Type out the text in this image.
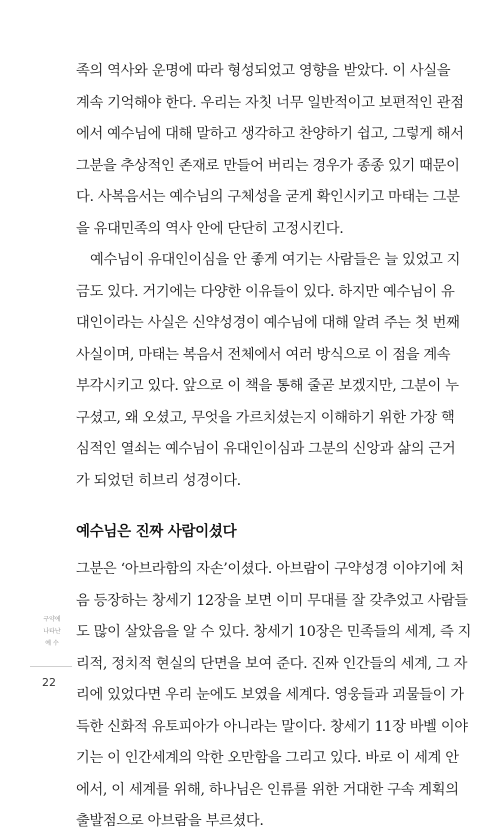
족의 역사와 운명에 따라 형성되었고 영향을 받았다. 이 사실을
계속 기억해야 한다. 우리는 자칫 너무 일반적이고 보편적인 관점
에서 예수님에 대해 말하고 생각하고 찬양하기 쉽고, 그렇게 해서
그분을 추상적인 존재로 만들어 버리는 경우가 종종 있기 때문이
다. 사복음서는 예수님의 구체성을 굳게 확인시키고 마태는 그분
을 유대민족의 역사 안에 단단히 고정시킨다.
예수님이 유대인이심을 안 좋게 여기는 사람들은 늘 있었고 지
금도 있다. 거기에는 다양한 이유들이 있다. 하지만 예수님이 유
대인이라는 사실은 신약성경이 예수님에 대해 알려 주는 첫 번째
사실이며, 마태는 복음서 전체에서 여러 방식으로 이 점을 계속
부각시키고 있다. 앞으로 이 책을 통해 줄곧 보겠지만, 그분이 누
구셨고, 왜 오셨고, 무엇을 가르치셨는지 이해하기 위한 가장 핵
심적인 열쇠는 예수님이 유대인이심과 그분의 신앙과 삶의 근거
가 되었던 히브리 성경이다.
예수님은 진짜 사람이셨다
그분은 ‘아브라함의 자손’이셨다. 아브람이 구약성경 이야기에 처
음 등장하는 창세기 12장을 보면 이미 무대를 잘 갖추었고 사람들
도 많이 살았음을 알 수 있다. 창세기 10장은 민족들의 세계, 즉 지
리적, 정치적 현실의 단면을 보여 준다. 진짜 인간들의 세계, 그 자
리에 있었다면 우리 눈에도 보였을 세계다. 영웅들과 괴물들이 가
득한 신화적 유토피아가 아니라는 말이다. 창세기 11장 바벨 이야
기는 이 인간세계의 악한 오만함을 그리고 있다. 바로 이 세계 안
에서, 이 세계를 위해, 하나님은 인류를 위한 거대한 구속 계획의
출발점으로 아브람을 부르셨다.
구약에
나타난
예 수
22
